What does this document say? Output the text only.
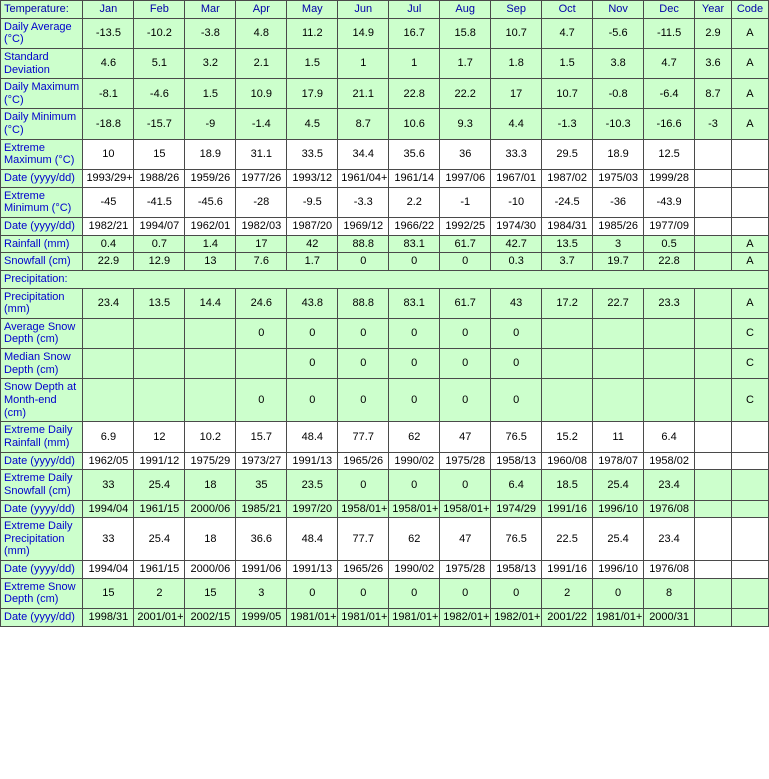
Temperature:	Jan	Feb	Mar	Apr	May	Jun	Jul	Aug	Sep	Oct	Nov	Dec	Year	Code
Daily Average (°C)	-13.5	-10.2	-3.8	4.8	11.2	14.9	16.7	15.8	10.7	4.7	-5.6	-11.5	2.9	A
Standard Deviation	4.6	5.1	3.2	2.1	1.5	1	1	1.7	1.8	1.5	3.8	4.7	3.6	A
Daily Maximum (°C)	-8.1	-4.6	1.5	10.9	17.9	21.1	22.8	22.2	17	10.7	-0.8	-6.4	8.7	A
Daily Minimum (°C)	-18.8	-15.7	-9	-1.4	4.5	8.7	10.6	9.3	4.4	-1.3	-10.3	-16.6	-3	A
Extreme Maximum (°C)	10	15	18.9	31.1	33.5	34.4	35.6	36	33.3	29.5	18.9	12.5		
Date (yyyy/dd)	1993/29+	1988/26	1959/26	1977/26	1993/12	1961/04+	1961/14	1997/06	1967/01	1987/02	1975/03	1999/28		
Extreme Minimum (°C)	-45	-41.5	-45.6	-28	-9.5	-3.3	2.2	-1	-10	-24.5	-36	-43.9		
Date (yyyy/dd)	1982/21	1994/07	1962/01	1982/03	1987/20	1969/12	1966/22	1992/25	1974/30	1984/31	1985/26	1977/09		
Rainfall (mm)	0.4	0.7	1.4	17	42	88.8	83.1	61.7	42.7	13.5	3	0.5		A
Snowfall (cm)	22.9	12.9	13	7.6	1.7	0	0	0	0.3	3.7	19.7	22.8		A
Precipitation:														
Precipitation (mm)	23.4	13.5	14.4	24.6	43.8	88.8	83.1	61.7	43	17.2	22.7	23.3		A
Average Snow Depth (cm)				0	0	0	0	0	0					C
Median Snow Depth (cm)					0	0	0	0	0					C
Snow Depth at Month-end (cm)				0	0	0	0	0	0					C
Extreme Daily Rainfall (mm)	6.9	12	10.2	15.7	48.4	77.7	62	47	76.5	15.2	11	6.4		
Date (yyyy/dd)	1962/05	1991/12	1975/29	1973/27	1991/13	1965/26	1990/02	1975/28	1958/13	1960/08	1978/07	1958/02		
Extreme Daily Snowfall (cm)	33	25.4	18	35	23.5	0	0	0	6.4	18.5	25.4	23.4		
Date (yyyy/dd)	1994/04	1961/15	2000/06	1985/21	1997/20	1958/01+	1958/01+	1958/01+	1974/29	1991/16	1996/10	1976/08		
Extreme Daily Precipitation (mm)	33	25.4	18	36.6	48.4	77.7	62	47	76.5	22.5	25.4	23.4		
Date (yyyy/dd)	1994/04	1961/15	2000/06	1991/06	1991/13	1965/26	1990/02	1975/28	1958/13	1991/16	1996/10	1976/08		
Extreme Snow Depth (cm)	15	2	15	3	0	0	0	0	0	2	0	8		
Date (yyyy/dd)	1998/31	2001/01+	2002/15	1999/05	1981/01+	1981/01+	1981/01+	1982/01+	1982/01+	2001/22	1981/01+	2000/31		
